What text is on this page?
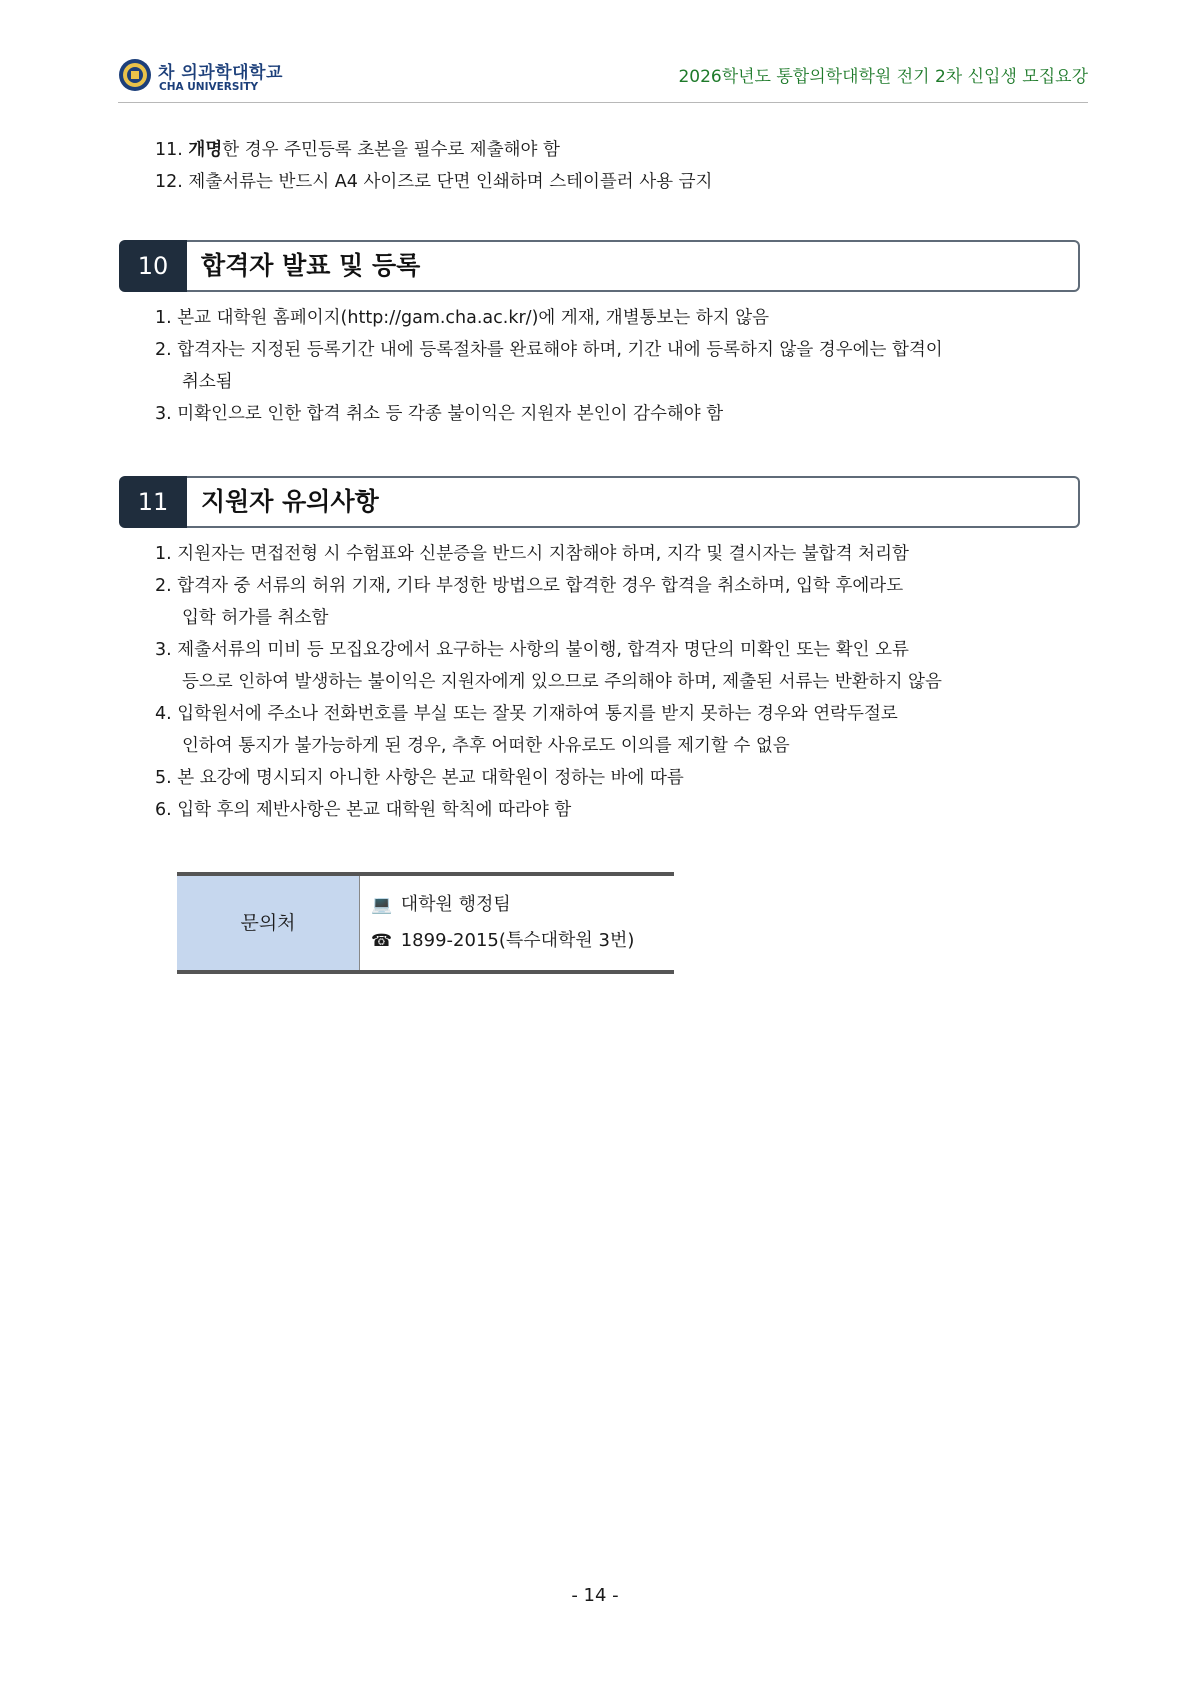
차 의과학대학교
CHA UNIVERSITY	2026학년도 통합의학대학원 전기 2차 신입생 모집요강
11. 개명한 경우 주민등록 초본을 필수로 제출해야 함
12. 제출서류는 반드시 A4 사이즈로 단면 인쇄하며 스테이플러 사용 금지
10	합격자 발표 및 등록
1. 본교 대학원 홈페이지(http://gam.cha.ac.kr/)에 게재, 개별통보는 하지 않음
2. 합격자는 지정된 등록기간 내에 등록절차를 완료해야 하며, 기간 내에 등록하지 않을 경우에는 합격이
취소됨
3. 미확인으로 인한 합격 취소 등 각종 불이익은 지원자 본인이 감수해야 함
11	지원자 유의사항
1. 지원자는 면접전형 시 수험표와 신분증을 반드시 지참해야 하며, 지각 및 결시자는 불합격 처리함
2. 합격자 중 서류의 허위 기재, 기타 부정한 방법으로 합격한 경우 합격을 취소하며, 입학 후에라도
입학 허가를 취소함
3. 제출서류의 미비 등 모집요강에서 요구하는 사항의 불이행, 합격자 명단의 미확인 또는 확인 오류
등으로 인하여 발생하는 불이익은 지원자에게 있으므로 주의해야 하며, 제출된 서류는 반환하지 않음
4. 입학원서에 주소나 전화번호를 부실 또는 잘못 기재하여 통지를 받지 못하는 경우와 연락두절로
인하여 통지가 불가능하게 된 경우, 추후 어떠한 사유로도 이의를 제기할 수 없음
5. 본 요강에 명시되지 아니한 사항은 본교 대학원이 정하는 바에 따름
6. 입학 후의 제반사항은 본교 대학원 학칙에 따라야 함
문의처
💻 대학원 행정팀
☎ 1899-2015(특수대학원 3번)
- 14 -
